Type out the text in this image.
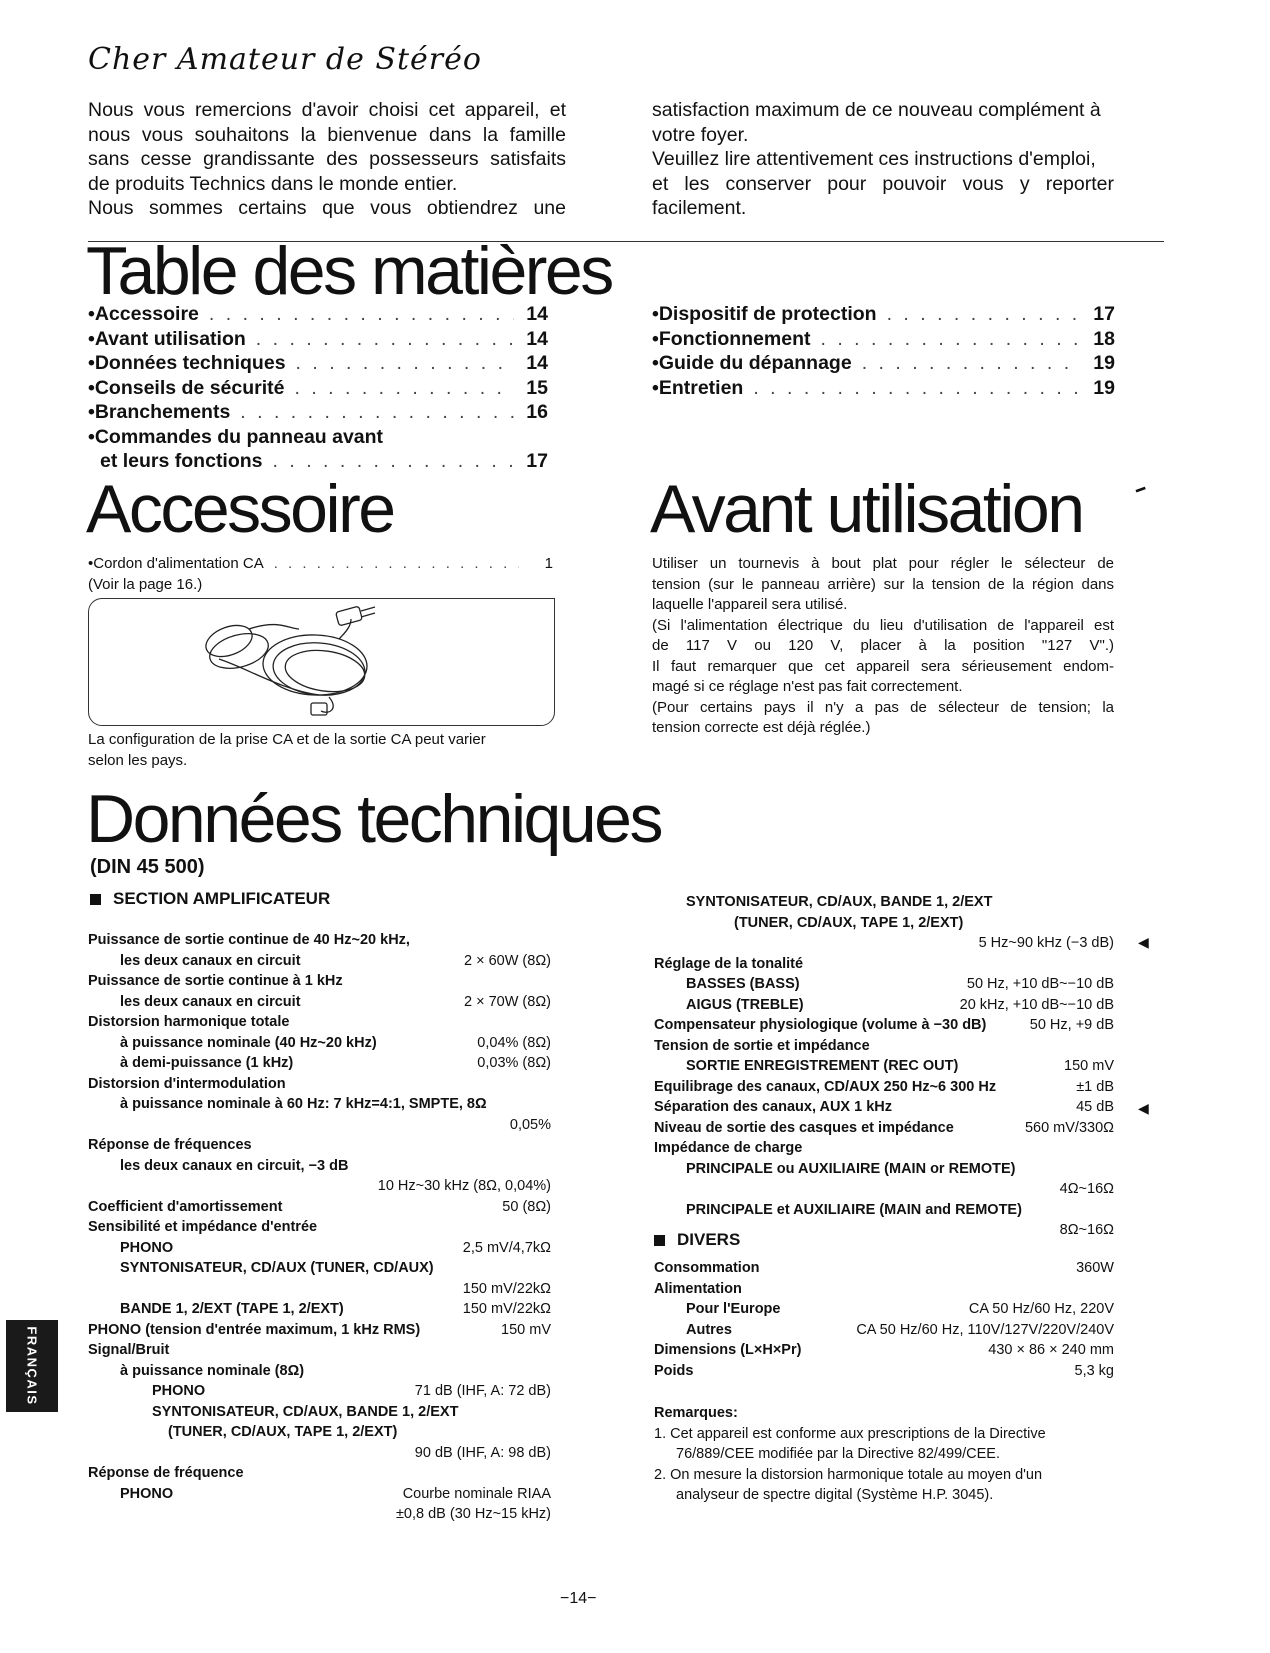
Cher Amateur de Stéréo

Nous vous remercions d'avoir choisi cet appareil, et

nous vous souhaitons la bienvenue dans la famille

sans cesse grandissante des possesseurs satisfaits

de produits Technics dans le monde entier.

Nous sommes certains que vous obtiendrez une

satisfaction maximum de ce nouveau complément à

votre foyer.

Veuillez lire attentivement ces instructions d'emploi,

et les conserver pour pouvoir vous y reporter

facilement.

Table des matières
•Accessoire . . .	14
•Avant utilisation . . .	14
•Données techniques . . .	14
•Conseils de sécurité . . .	15
•Branchements . . .	16
•Commandes du panneau avant
et leurs fonctions . . .	17
•Dispositif de protection . . .	17
•Fonctionnement . . .	18
•Guide du dépannage . . .	19
•Entretien . . .	19
Accessoire
•Cordon d'alimentation CA . . .	1
(Voir la page 16.)
La configuration de la prise CA et de la sortie CA peut varier
selon les pays.
Avant utilisation
Utiliser un tournevis à bout plat pour régler le sélecteur de
tension (sur le panneau arrière) sur la tension de la région dans
laquelle l'appareil sera utilisé.
(Si l'alimentation électrique du lieu d'utilisation de l'appareil est
de 117 V ou 120 V, placer à la position "127 V".)
Il faut remarquer que cet appareil sera sérieusement endom-
magé si ce réglage n'est pas fait correctement.
(Pour certains pays il n'y a pas de sélecteur de tension; la
tension correcte est déjà réglée.)
Données techniques
(DIN 45 500)
SECTION AMPLIFICATEUR
Puissance de sortie continue de 40 Hz~20 kHz,
les deux canaux en circuit	2 × 60W (8Ω)
Puissance de sortie continue à 1 kHz
les deux canaux en circuit	2 × 70W (8Ω)
Distorsion harmonique totale
à puissance nominale (40 Hz~20 kHz)	0,04% (8Ω)
à demi-puissance (1 kHz)	0,03% (8Ω)
Distorsion d'intermodulation
à puissance nominale à 60 Hz: 7 kHz=4:1, SMPTE, 8Ω
0,05%
Réponse de fréquences
les deux canaux en circuit, −3 dB
10 Hz~30 kHz (8Ω, 0,04%)
Coefficient d'amortissement	50 (8Ω)
Sensibilité et impédance d'entrée
PHONO	2,5 mV/4,7kΩ
SYNTONISATEUR, CD/AUX (TUNER, CD/AUX)
150 mV/22kΩ
BANDE 1, 2/EXT (TAPE 1, 2/EXT)	150 mV/22kΩ
PHONO (tension d'entrée maximum, 1 kHz RMS)	150 mV
Signal/Bruit
à puissance nominale (8Ω)
PHONO	71 dB (IHF, A: 72 dB)
SYNTONISATEUR, CD/AUX, BANDE 1, 2/EXT
(TUNER, CD/AUX, TAPE 1, 2/EXT)
90 dB (IHF, A: 98 dB)
Réponse de fréquence
PHONO	Courbe nominale RIAA
±0,8 dB (30 Hz~15 kHz)
SYNTONISATEUR, CD/AUX, BANDE 1, 2/EXT
(TUNER, CD/AUX, TAPE 1, 2/EXT)
5 Hz~90 kHz (−3 dB)
Réglage de la tonalité
BASSES (BASS)	50 Hz, +10 dB~−10 dB
AIGUS (TREBLE)	20 kHz, +10 dB~−10 dB
Compensateur physiologique (volume à −30 dB)	50 Hz, +9 dB
Tension de sortie et impédance
SORTIE ENREGISTREMENT (REC OUT)	150 mV
Equilibrage des canaux, CD/AUX 250 Hz~6 300 Hz	±1 dB
Séparation des canaux, AUX 1 kHz	45 dB
Niveau de sortie des casques et impédance	560 mV/330Ω
Impédance de charge
PRINCIPALE ou AUXILIAIRE (MAIN or REMOTE)
4Ω~16Ω
PRINCIPALE et AUXILIAIRE (MAIN and REMOTE)
8Ω~16Ω
DIVERS
Consommation	360W
Alimentation
Pour l'Europe	CA 50 Hz/60 Hz, 220V
Autres	CA 50 Hz/60 Hz, 110V/127V/220V/240V
Dimensions (L×H×Pr)	430 × 86 × 240 mm
Poids	5,3 kg
Remarques:
1. Cet appareil est conforme aux prescriptions de la Directive
76/889/CEE modifiée par la Directive 82/499/CEE.
2. On mesure la distorsion harmonique totale au moyen d'un
analyseur de spectre digital (Système H.P. 3045).
FRANÇAIS
━
◀
◀
−14−
